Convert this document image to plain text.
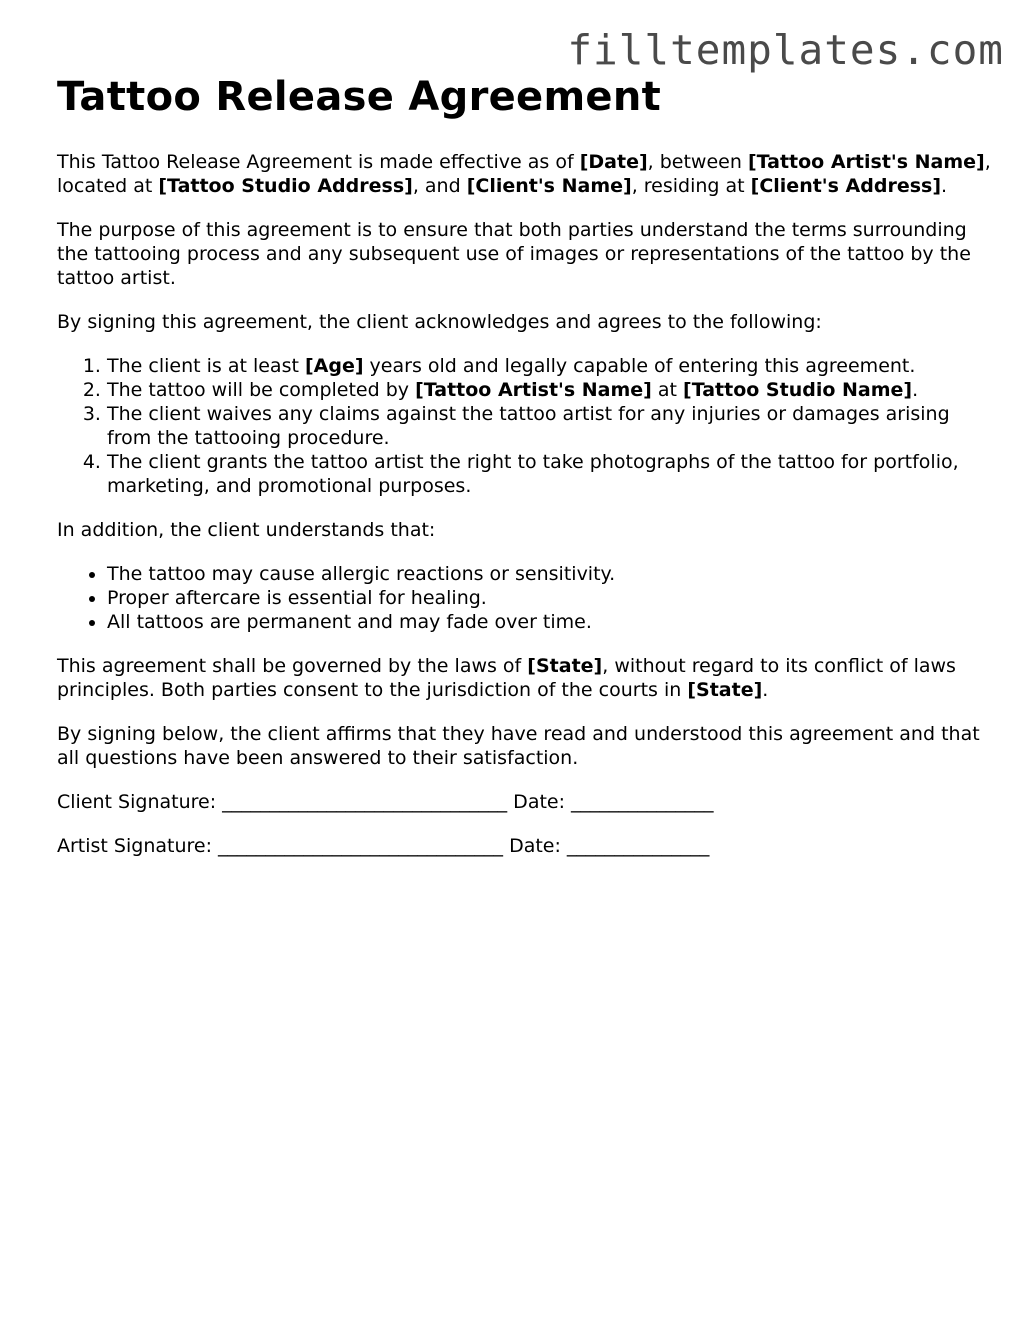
filltemplates.com
Tattoo Release Agreement

This Tattoo Release Agreement is made effective as of [Date], between [Tattoo Artist's Name], located at [Tattoo Studio Address], and [Client's Name], residing at [Client's Address].

The purpose of this agreement is to ensure that both parties understand the terms surrounding the tattooing process and any subsequent use of images or representations of the tattoo by the tattoo artist.

By signing this agreement, the client acknowledges and agrees to the following:

1. The client is at least [Age] years old and legally capable of entering this agreement.
2. The tattoo will be completed by [Tattoo Artist's Name] at [Tattoo Studio Name].
3. The client waives any claims against the tattoo artist for any injuries or damages arising from the tattooing procedure.
4. The client grants the tattoo artist the right to take photographs of the tattoo for portfolio, marketing, and promotional purposes.

In addition, the client understands that:

• The tattoo may cause allergic reactions or sensitivity.
• Proper aftercare is essential for healing.
• All tattoos are permanent and may fade over time.

This agreement shall be governed by the laws of [State], without regard to its conflict of laws principles. Both parties consent to the jurisdiction of the courts in [State].

By signing below, the client affirms that they have read and understood this agreement and that all questions have been answered to their satisfaction.

Client Signature: ______________________________ Date: _______________

Artist Signature: ______________________________ Date: _______________
